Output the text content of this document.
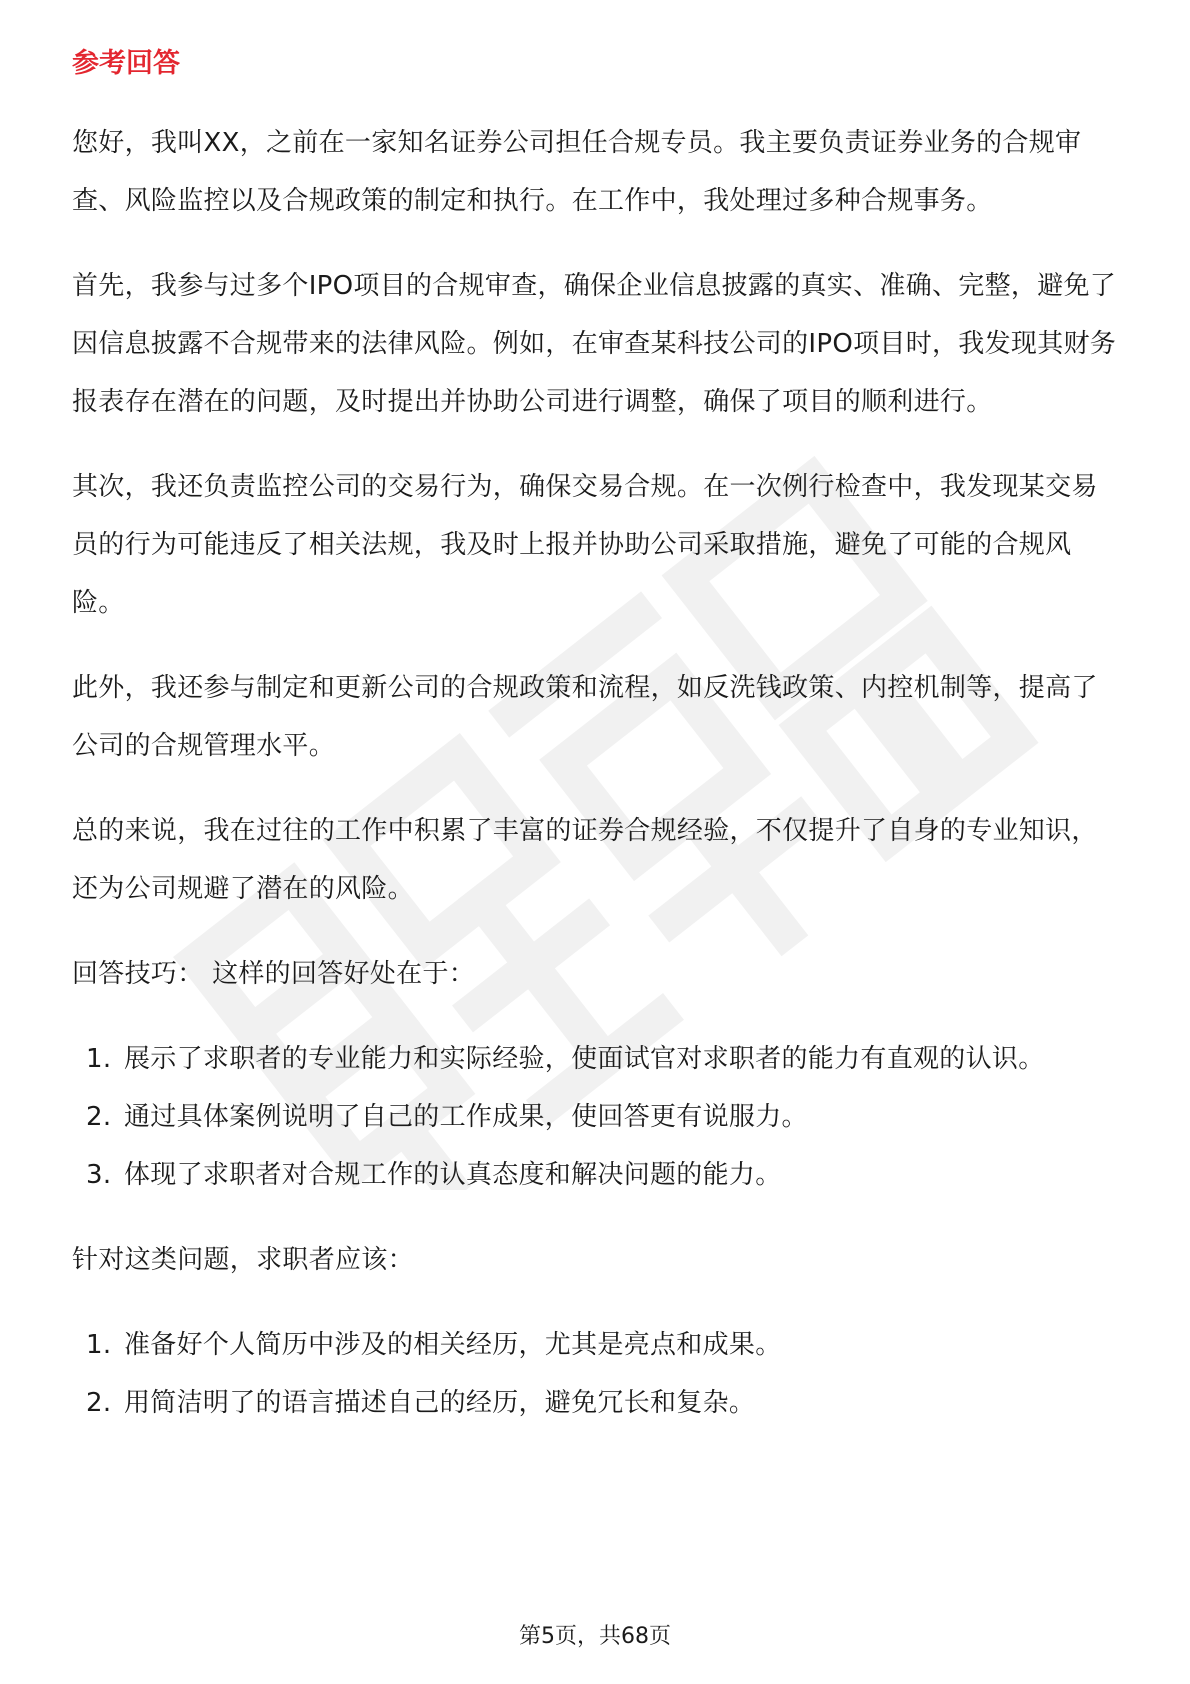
参考回答

您好，我叫XX，之前在一家知名证券公司担任合规专员。我主要负责证券业务的合规审查、风险监控以及合规政策的制定和执行。在工作中，我处理过多种合规事务。

首先，我参与过多个IPO项目的合规审查，确保企业信息披露的真实、准确、完整，避免了因信息披露不合规带来的法律风险。例如，在审查某科技公司的IPO项目时，我发现其财务报表存在潜在的问题，及时提出并协助公司进行调整，确保了项目的顺利进行。

其次，我还负责监控公司的交易行为，确保交易合规。在一次例行检查中，我发现某交易员的行为可能违反了相关法规，我及时上报并协助公司采取措施，避免了可能的合规风险。

此外，我还参与制定和更新公司的合规政策和流程，如反洗钱政策、内控机制等，提高了公司的合规管理水平。

总的来说，我在过往的工作中积累了丰富的证券合规经验，不仅提升了自身的专业知识，还为公司规避了潜在的风险。

回答技巧： 这样的回答好处在于：

1. 展示了求职者的专业能力和实际经验，使面试官对求职者的能力有直观的认识。
2. 通过具体案例说明了自己的工作成果，使回答更有说服力。
3. 体现了求职者对合规工作的认真态度和解决问题的能力。

针对这类问题，求职者应该：

1. 准备好个人简历中涉及的相关经历，尤其是亮点和成果。
2. 用简洁明了的语言描述自己的经历，避免冗长和复杂。
第5页，共68页
